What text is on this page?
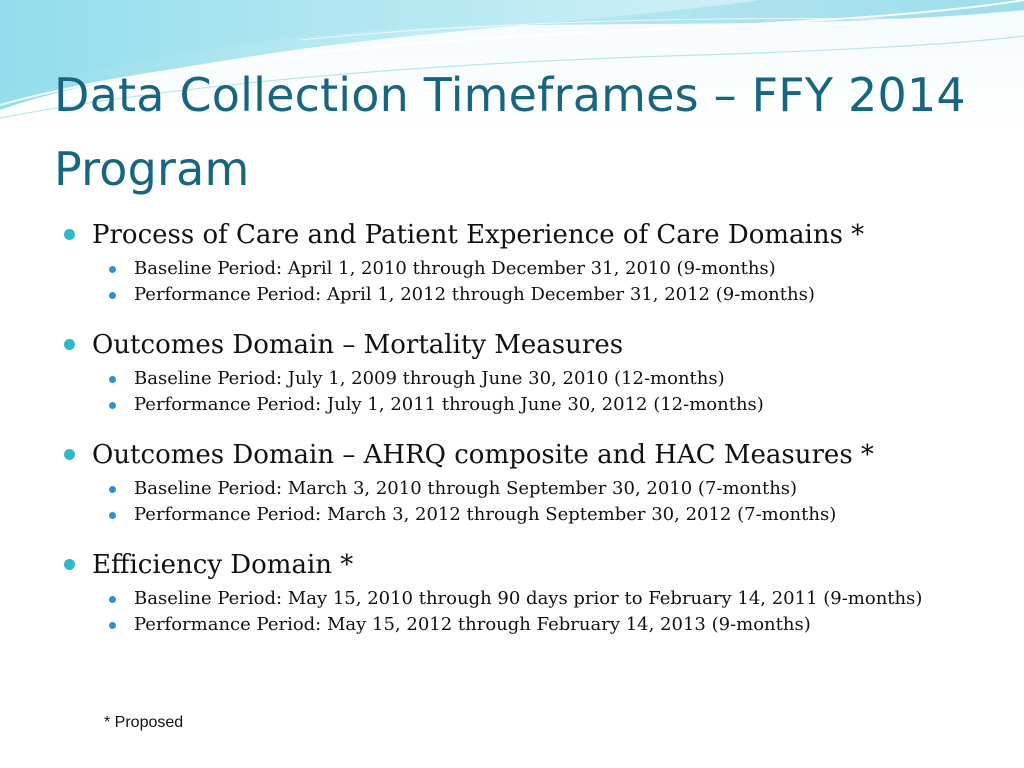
Data Collection Timeframes – FFY 2014 Program

Process of Care and Patient Experience of Care Domains *

Baseline Period: April 1, 2010 through December 31, 2010 (9-months)

Performance Period: April 1, 2012 through December 31, 2012 (9-months)

Outcomes Domain – Mortality Measures

Baseline Period: July 1, 2009 through June 30, 2010 (12-months)

Performance Period: July 1, 2011 through June 30, 2012 (12-months)

Outcomes Domain – AHRQ composite and HAC Measures *

Baseline Period: March 3, 2010 through September 30, 2010 (7-months)

Performance Period: March 3, 2012 through September 30, 2012 (7-months)

Efficiency Domain *

Baseline Period: May 15, 2010 through 90 days prior to February 14, 2011 (9-months)

Performance Period: May 15, 2012 through February 14, 2013 (9-months)

* Proposed
